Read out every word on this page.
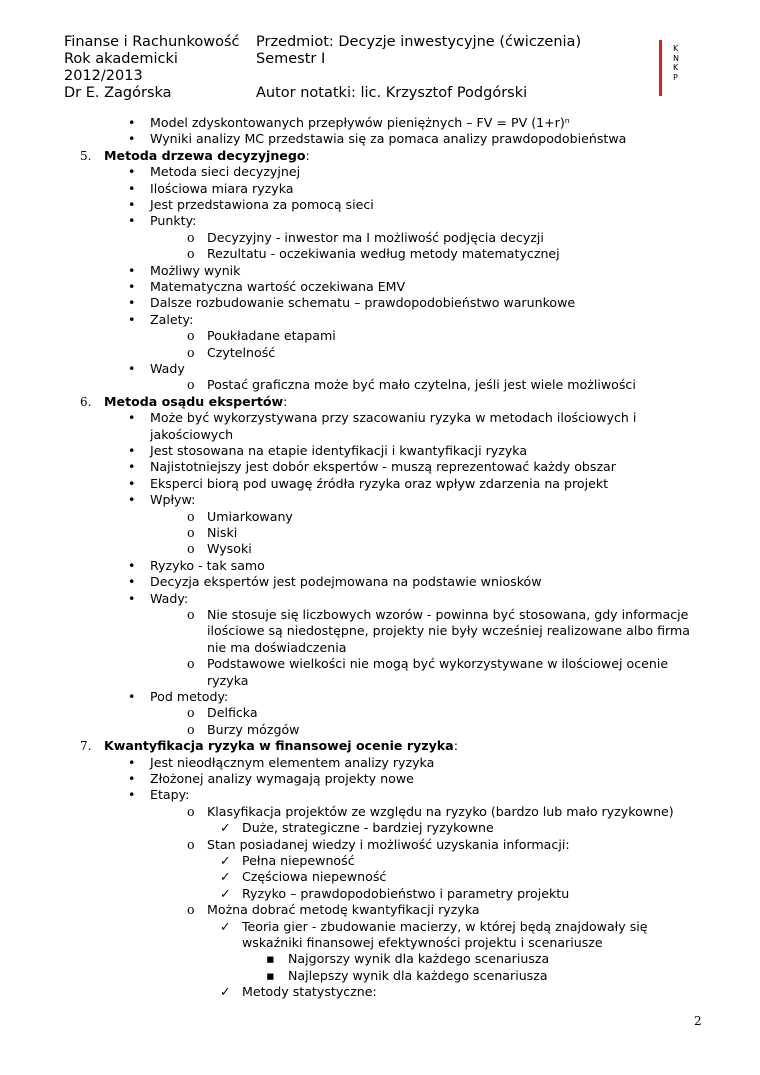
Finanse i Rachunkowość
Rok akademicki
2012/2013
Dr E. Zagórska
Przedmiot: Decyzje inwestycyjne (ćwiczenia)
Semestr I

Autor notatki: lic. Krzysztof Podgórski
K
N
K
P
• Model zdyskontowanych przepływów pieniężnych – FV = PV (1+r)ⁿ
• Wyniki analizy MC przedstawia się za pomaca analizy prawdopodobieństwa
5. Metoda drzewa decyzyjnego:
• Metoda sieci decyzyjnej
• Ilościowa miara ryzyka
• Jest przedstawiona za pomocą sieci
• Punkty:
o Decyzyjny - inwestor ma I możliwość podjęcia decyzji
o Rezultatu - oczekiwania według metody matematycznej
• Możliwy wynik
• Matematyczna wartość oczekiwana EMV
• Dalsze rozbudowanie schematu – prawdopodobieństwo warunkowe
• Zalety:
o Poukładane etapami
o Czytelność
• Wady
o Postać graficzna może być mało czytelna, jeśli jest wiele możliwości
6. Metoda osądu ekspertów:
• Może być wykorzystywana przy szacowaniu ryzyka w metodach ilościowych i
jakościowych
• Jest stosowana na etapie identyfikacji i kwantyfikacji ryzyka
• Najistotniejszy jest dobór ekspertów - muszą reprezentować każdy obszar
• Eksperci biorą pod uwagę źródła ryzyka oraz wpływ zdarzenia na projekt
• Wpływ:
o Umiarkowany
o Niski
o Wysoki
• Ryzyko - tak samo
• Decyzja ekspertów jest podejmowana na podstawie wniosków
• Wady:
o Nie stosuje się liczbowych wzorów - powinna być stosowana, gdy informacje
ilościowe są niedostępne, projekty nie były wcześniej realizowane albo firma
nie ma doświadczenia
o Podstawowe wielkości nie mogą być wykorzystywane w ilościowej ocenie
ryzyka
• Pod metody:
o Delficka
o Burzy mózgów
7. Kwantyfikacja ryzyka w finansowej ocenie ryzyka:
• Jest nieodłącznym elementem analizy ryzyka
• Złożonej analizy wymagają projekty nowe
• Etapy:
o Klasyfikacja projektów ze względu na ryzyko (bardzo lub mało ryzykowne)
✓ Duże, strategiczne - bardziej ryzykowne
o Stan posiadanej wiedzy i możliwość uzyskania informacji:
✓ Pełna niepewność
✓ Częściowa niepewność
✓ Ryzyko – prawdopodobieństwo i parametry projektu
o Można dobrać metodę kwantyfikacji ryzyka
✓ Teoria gier - zbudowanie macierzy, w której będą znajdowały się
wskaźniki finansowej efektywności projektu i scenariusze
▪ Najgorszy wynik dla każdego scenariusza
▪ Najlepszy wynik dla każdego scenariusza
✓ Metody statystyczne:
2
